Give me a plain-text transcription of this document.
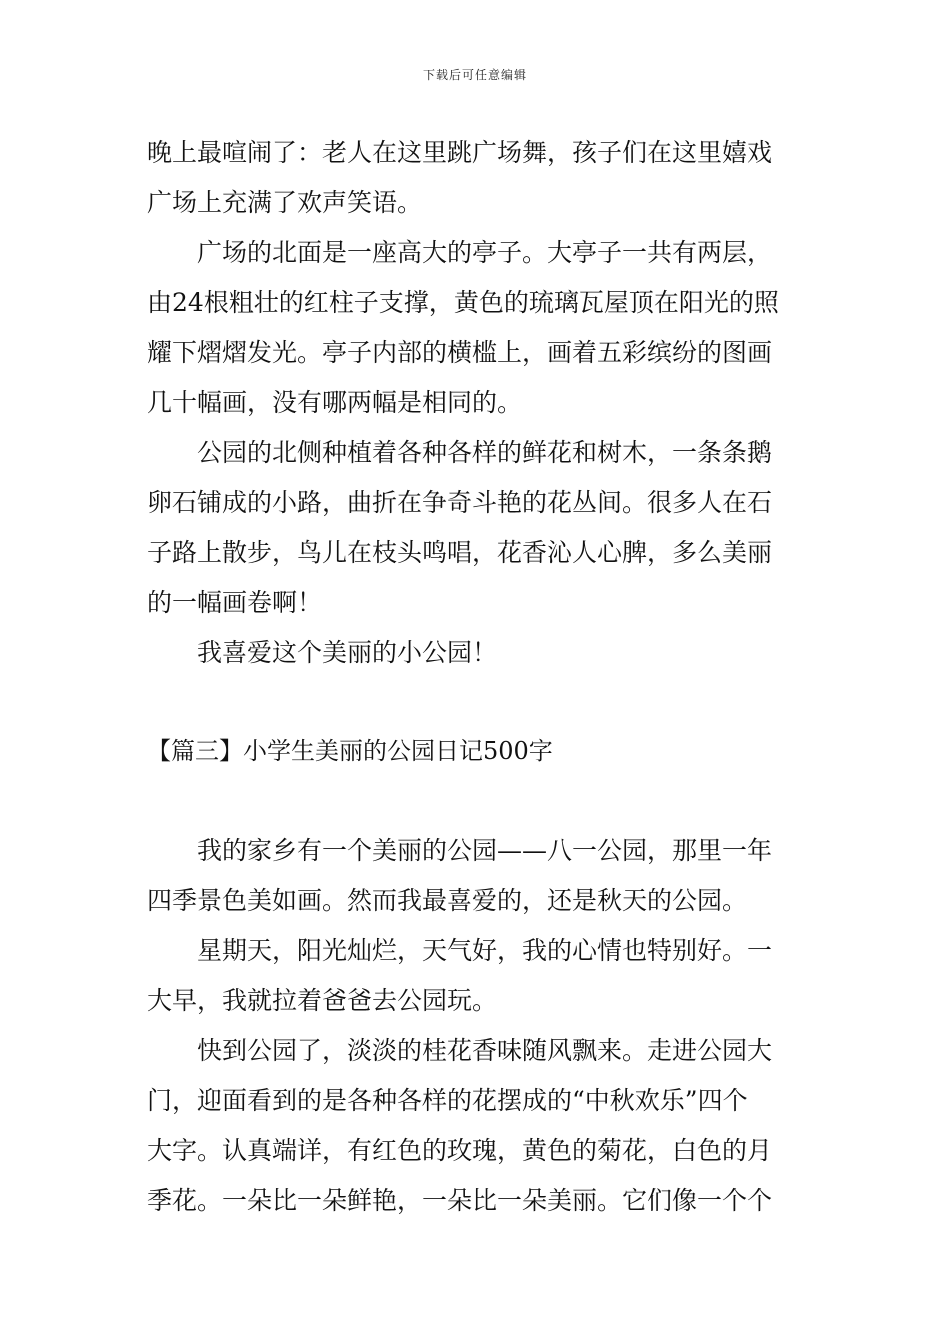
下载后可任意编辑
晚上最喧闹了：老人在这里跳广场舞，孩子们在这里嬉戏
广场上充满了欢声笑语。
广场的北面是一座高大的亭子。大亭子一共有两层，
由24根粗壮的红柱子支撑，黄色的琉璃瓦屋顶在阳光的照
耀下熠熠发光。亭子内部的横槛上，画着五彩缤纷的图画
几十幅画，没有哪两幅是相同的。
公园的北侧种植着各种各样的鲜花和树木，一条条鹅
卵石铺成的小路，曲折在争奇斗艳的花丛间。很多人在石
子路上散步，鸟儿在枝头鸣唱，花香沁人心脾，多么美丽
的一幅画卷啊！
我喜爱这个美丽的小公园！
【篇三】小学生美丽的公园日记500字
我的家乡有一个美丽的公园——八一公园，那里一年
四季景色美如画。然而我最喜爱的，还是秋天的公园。
星期天，阳光灿烂，天气好，我的心情也特别好。一
大早，我就拉着爸爸去公园玩。
快到公园了，淡淡的桂花香味随风飘来。走进公园大
门，迎面看到的是各种各样的花摆成的“中秋欢乐”四个
大字。认真端详，有红色的玫瑰，黄色的菊花，白色的月
季花。一朵比一朵鲜艳，一朵比一朵美丽。它们像一个个
